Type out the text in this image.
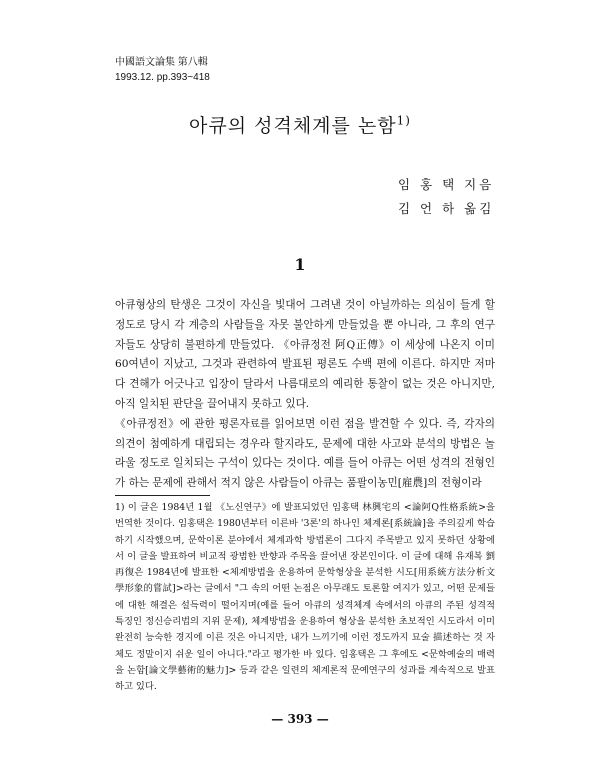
中國語文論集 第八輯
1993.12. pp.393~418
아큐의 성격체계를 논함$^{1)}$
임 홍 택 지음
김 언 하 옮김
1

아큐형상의 탄생은 그것이 자신을 빛대어 그려낸 것이 아닐까하는 의심이 들게 할 정도로 당시 각 계층의 사람들을 자못 불안하게 만들었을 뿐 아니라, 그 후의 연구자들도 상당히 불편하게 만들었다. 《아큐정전 阿Q正傳》이 세상에 나온지 이미 60여년이 지났고, 그것과 관련하여 발표된 평론도 수백 편에 이른다. 하지만 저마다 견해가 어긋나고 입장이 달라서 나름대로의 예리한 통찰이 없는 것은 아니지만, 아직 일치된 판단을 끌어내지 못하고 있다.

《아큐정전》에 관한 평론자료를 읽어보면 이런 점을 발견할 수 있다. 즉, 각자의 의견이 첨예하게 대립되는 경우라 할지라도, 문제에 대한 사고와 분석의 방법은 놀라울 정도로 일치되는 구석이 있다는 것이다. 예를 들어 아큐는 어떤 성격의 전형인가 하는 문제에 관해서 적지 않은 사람들이 아큐는 품팔이농민[雇農]의 전형이라

1) 이 글은 1984년 1월 《노신연구》에 발표되었던 임홍택 林興宅의 <論阿Q性格系統>을 번역한 것이다. 임홍택은 1980년부터 이른바 '3론'의 하나인 체계론[系統論]을 주의깊게 학습하기 시작했으며, 문학이론 분야에서 체계과학 방법론이 그다지 주목받고 있지 못하던 상황에서 이 글을 발표하여 비교적 광범한 반향과 주목을 끌어낸 장본인이다. 이 글에 대해 유재복 劉再復은 1984년에 발표한 <체계방법을 운용하여 문학형상을 분석한 시도[用系統方法分析文學形象的嘗試]>라는 글에서 "그 속의 어떤 논점은 아무래도 토론할 여지가 있고, 어떤 문제들에 대한 해결은 설득력이 떨어지며(예를 들어 아큐의 성격체계 속에서의 아큐의 주된 성격적 특징인 정신승리법의 지위 문제), 체계방법을 운용하여 형상을 분석한 초보적인 시도라서 이미 완전히 능숙한 경지에 이른 것은 아니지만, 내가 느끼기에 이런 정도까지 묘술 描述하는 것 자체도 정말이지 쉬운 일이 아니다."라고 평가한 바 있다. 임홍택은 그 후에도 <문학예술의 매력을 논함[論文學藝術的魅力]> 등과 같은 일련의 체계론적 문예연구의 성과를 계속적으로 발표하고 있다.

— 393 —
